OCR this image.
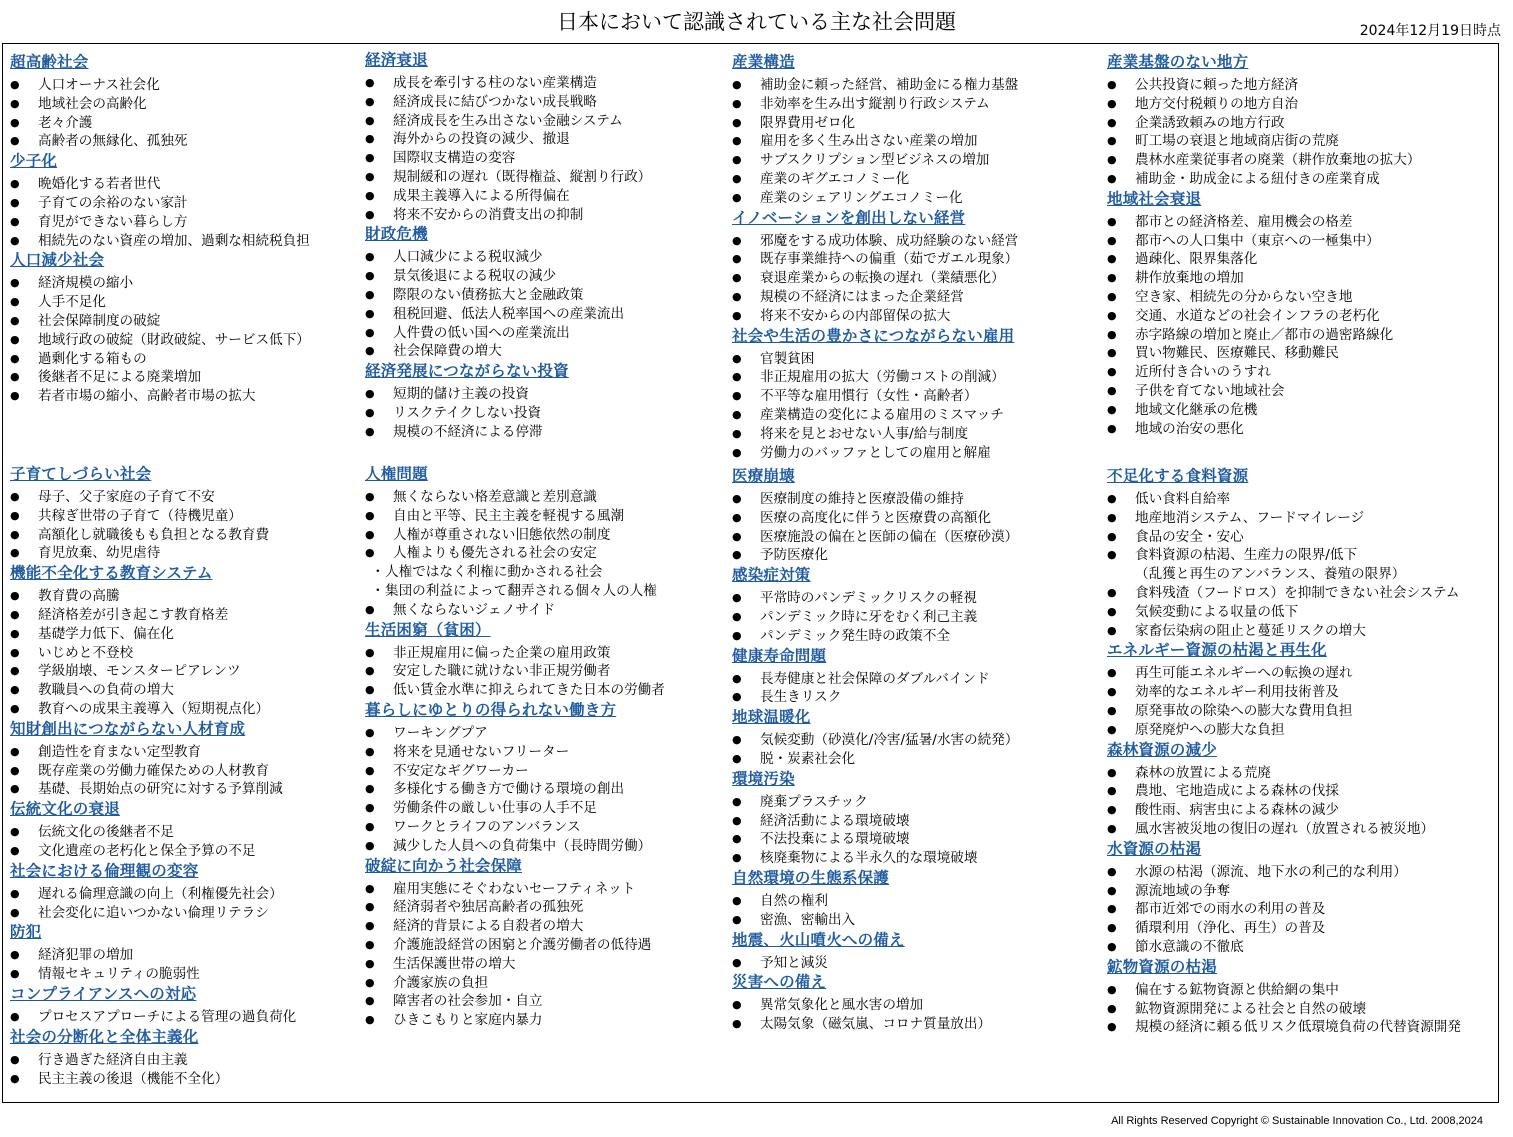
日本において認識されている主な社会問題	2024年12月19日時点
超高齢社会
● 人口オーナス社会化
● 地域社会の高齢化
● 老々介護
● 高齢者の無縁化、孤独死
少子化
● 晩婚化する若者世代
● 子育ての余裕のない家計
● 育児ができない暮らし方
● 相続先のない資産の増加、過剰な相続税負担
人口減少社会
● 経済規模の縮小
● 人手不足化
● 社会保障制度の破綻
● 地域行政の破綻（財政破綻、サービス低下）
● 過剰化する箱もの
● 後継者不足による廃業増加
● 若者市場の縮小、高齢者市場の拡大
子育てしづらい社会
● 母子、父子家庭の子育て不安
● 共稼ぎ世帯の子育て（待機児童）
● 高額化し就職後もも負担となる教育費
● 育児放棄、幼児虐待
機能不全化する教育システム
● 教育費の高騰
● 経済格差が引き起こす教育格差
● 基礎学力低下、偏在化
● いじめと不登校
● 学級崩壊、モンスターピアレンツ
● 教職員への負荷の増大
● 教育への成果主義導入（短期視点化）
知財創出につながらない人材育成
● 創造性を育まない定型教育
● 既存産業の労働力確保ための人材教育
● 基礎、長期始点の研究に対する予算削減
伝統文化の衰退
● 伝統文化の後継者不足
● 文化遺産の老朽化と保全予算の不足
社会における倫理観の変容
● 遅れる倫理意識の向上（利権優先社会）
● 社会変化に追いつかない倫理リテラシ
防犯
● 経済犯罪の増加
● 情報セキュリティの脆弱性
コンプライアンスへの対応
● プロセスアプローチによる管理の過負荷化
社会の分断化と全体主義化
● 行き過ぎた経済自由主義
● 民主主義の後退（機能不全化）
経済衰退
● 成長を牽引する柱のない産業構造
● 経済成長に結びつかない成長戦略
● 経済成長を生み出さない金融システム
● 海外からの投資の減少、撤退
● 国際収支構造の変容
● 規制緩和の遅れ（既得権益、縦割り行政）
● 成果主義導入による所得偏在
● 将来不安からの消費支出の抑制
財政危機
● 人口減少による税収減少
● 景気後退による税収の減少
● 際限のない債務拡大と金融政策
● 租税回避、低法人税率国への産業流出
● 人件費の低い国への産業流出
● 社会保障費の増大
経済発展につながらない投資
● 短期的儲け主義の投資
● リスクテイクしない投資
● 規模の不経済による停滞
人権問題
● 無くならない格差意識と差別意識
● 自由と平等、民主主義を軽視する風潮
● 人権が尊重されない旧態依然の制度
● 人権よりも優先される社会の安定
・ 人権ではなく利権に動かされる社会
・ 集団の利益によって翻弄される個々人の人権
● 無くならないジェノサイド
生活困窮（貧困）
● 非正規雇用に偏った企業の雇用政策
● 安定した職に就けない非正規労働者
● 低い賃金水準に抑えられてきた日本の労働者
暮らしにゆとりの得られない働き方
● ワーキングプア
● 将来を見通せないフリーター
● 不安定なギグワーカー
● 多様化する働き方で働ける環境の創出
● 労働条件の厳しい仕事の人手不足
● ワークとライフのアンバランス
● 減少した人員への負荷集中（長時間労働）
破綻に向かう社会保障
● 雇用実態にそぐわないセーフティネット
● 経済弱者や独居高齢者の孤独死
● 経済的背景による自殺者の増大
● 介護施設経営の困窮と介護労働者の低待遇
● 生活保護世帯の増大
● 介護家族の負担
● 障害者の社会参加・自立
● ひきこもりと家庭内暴力
産業構造
● 補助金に頼った経営、補助金にる権力基盤
● 非効率を生み出す縦割り行政システム
● 限界費用ゼロ化
● 雇用を多く生み出さない産業の増加
● サブスクリプション型ビジネスの増加
● 産業のギグエコノミー化
● 産業のシェアリングエコノミー化
イノベーションを創出しない経営
● 邪魔をする成功体験、成功経験のない経営
● 既存事業維持への偏重（茹でガエル現象）
● 衰退産業からの転換の遅れ（業績悪化）
● 規模の不経済にはまった企業経営
● 将来不安からの内部留保の拡大
社会や生活の豊かさにつながらない雇用
● 官製貧困
● 非正規雇用の拡大（労働コストの削減）
● 不平等な雇用慣行（女性・高齢者）
● 産業構造の変化による雇用のミスマッチ
● 将来を見とおせない人事/給与制度
● 労働力のバッファとしての雇用と解雇
医療崩壊
● 医療制度の維持と医療設備の維持
● 医療の高度化に伴うと医療費の高額化
● 医療施設の偏在と医師の偏在（医療砂漠）
● 予防医療化
感染症対策
● 平常時のパンデミックリスクの軽視
● パンデミック時に牙をむく利己主義
● パンデミック発生時の政策不全
健康寿命問題
● 長寿健康と社会保障のダブルバインド
● 長生きリスク
地球温暖化
● 気候変動（砂漠化/冷害/猛暑/水害の続発）
● 脱・炭素社会化
環境汚染
● 廃棄プラスチック
● 経済活動による環境破壊
● 不法投棄による環境破壊
● 核廃棄物による半永久的な環境破壊
自然環境の生態系保護
● 自然の権利
● 密漁、密輸出入
地震、火山噴火への備え
● 予知と減災
災害への備え
● 異常気象化と風水害の増加
● 太陽気象（磁気嵐、コロナ質量放出）
産業基盤のない地方
● 公共投資に頼った地方経済
● 地方交付税頼りの地方自治
● 企業誘致頼みの地方行政
● 町工場の衰退と地域商店街の荒廃
● 農林水産業従事者の廃業（耕作放棄地の拡大）
● 補助金・助成金による紐付きの産業育成
地域社会衰退
● 都市との経済格差、雇用機会の格差
● 都市への人口集中（東京への一極集中）
● 過疎化、限界集落化
● 耕作放棄地の増加
● 空き家、相続先の分からない空き地
● 交通、水道などの社会インフラの老朽化
● 赤字路線の増加と廃止／都市の過密路線化
● 買い物難民、医療難民、移動難民
● 近所付き合いのうすれ
● 子供を育てない地域社会
● 地域文化継承の危機
● 地域の治安の悪化
不足化する食料資源
● 低い食料自給率
● 地産地消システム、フードマイレージ
● 食品の安全・安心
● 食料資源の枯渇、生産力の限界/低下
（乱獲と再生のアンバランス、養殖の限界）
● 食料残渣（フードロス）を抑制できない社会システム
● 気候変動による収量の低下
● 家畜伝染病の阻止と蔓延リスクの増大
エネルギー資源の枯渇と再生化
● 再生可能エネルギーへの転換の遅れ
● 効率的なエネルギー利用技術普及
● 原発事故の除染への膨大な費用負担
● 原発廃炉への膨大な負担
森林資源の減少
● 森林の放置による荒廃
● 農地、宅地造成による森林の伐採
● 酸性雨、病害虫による森林の減少
● 風水害被災地の復旧の遅れ（放置される被災地）
水資源の枯渇
● 水源の枯渇（源流、地下水の利己的な利用）
● 源流地域の争奪
● 都市近郊での雨水の利用の普及
● 循環利用（浄化、再生）の普及
● 節水意識の不徹底
鉱物資源の枯渇
● 偏在する鉱物資源と供給網の集中
● 鉱物資源開発による社会と自然の破壊
● 規模の経済に頼る低リスク低環境負荷の代替資源開発
All Rights Reserved Copyright © Sustainable Innovation Co., Ltd. 2008,2024
